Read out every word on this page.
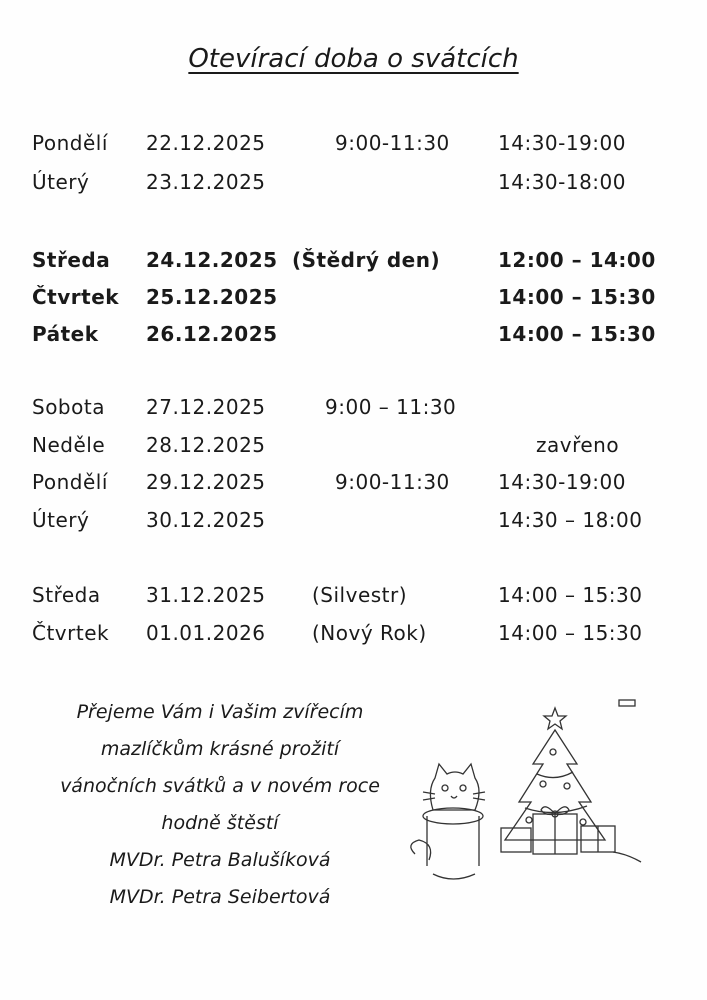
Otevírací doba o svátcích
Pondělí 22.12.2025	9:00-11:30 14:30-19:00
Úterý	23.12.2025	14:30-18:00
Středa 24.12.2025 (Štědrý den)	12:00 – 14:00
Čtvrtek 25.12.2025	14:00 – 15:30
Pátek 26.12.2025	14:00 – 15:30
Sobota 27.12.2025	9:00 – 11:30
Neděle 28.12.2025	zavřeno
Pondělí 29.12.2025	9:00-11:30 14:30-19:00
Úterý	30.12.2025	14:30 – 18:00
Středa 31.12.2025 (Silvestr)	14:00 – 15:30
Čtvrtek 01.01.2026 (Nový Rok)	14:00 – 15:30
Přejeme Vám i Vašim zvířecím
mazlíčkům krásné prožití
vánočních svátků a v novém roce
hodně štěstí
MVDr. Petra Balušíková
MVDr. Petra Seibertová
